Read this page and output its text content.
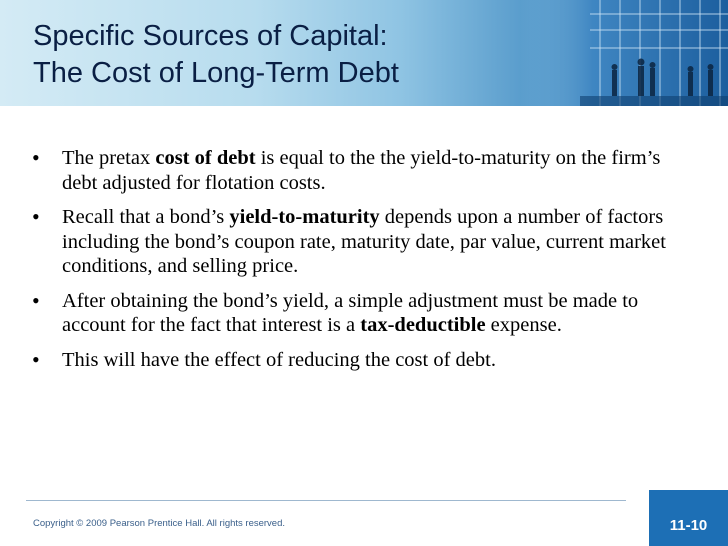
Specific Sources of Capital:
The Cost of Long-Term Debt
• The pretax cost of debt is equal to the the yield-to-maturity on the firm’s debt adjusted for flotation costs.
• Recall that a bond’s yield-to-maturity depends upon a number of factors including the bond’s coupon rate, maturity date, par value, current market conditions, and selling price.
• After obtaining the bond’s yield, a simple adjustment must be made to account for the fact that interest is a tax-deductible expense.
• This will have the effect of reducing the cost of debt.
Copyright © 2009 Pearson Prentice Hall. All rights reserved.	11-10
